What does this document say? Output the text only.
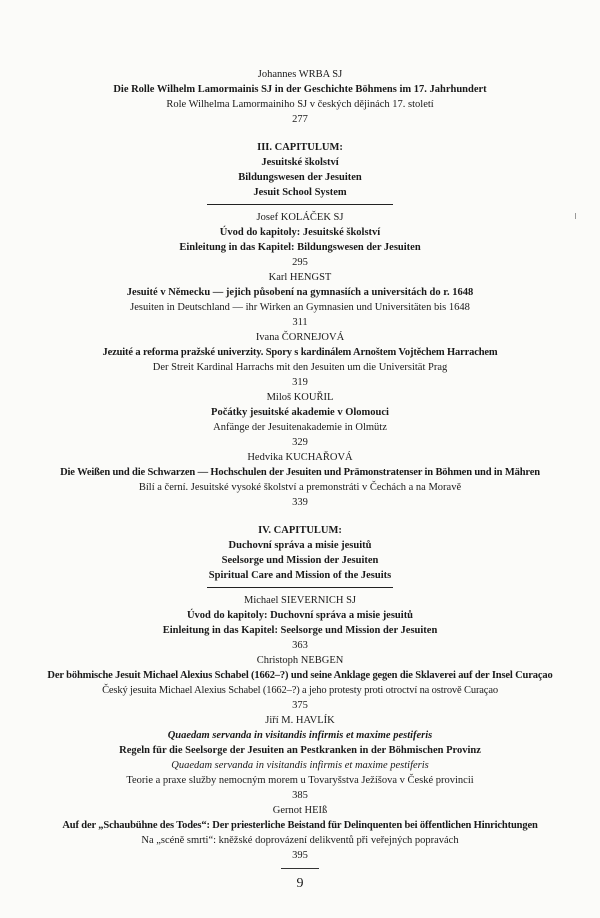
Johannes WRBA SJ
Die Rolle Wilhelm Lamormainis SJ in der Geschichte Böhmens im 17. Jahrhundert
Role Wilhelma Lamormainiho SJ v českých dějinách 17. století
277
III. CAPITULUM:
Jesuitské školství
Bildungswesen der Jesuiten
Jesuit School System
Josef KOLÁČEK SJ
Úvod do kapitoly: Jesuitské školství
Einleitung in das Kapitel: Bildungswesen der Jesuiten
295
Karl HENGST
Jesuité v Německu — jejich působení na gymnasiích a universitách do r. 1648
Jesuiten in Deutschland — ihr Wirken an Gymnasien und Universitäten bis 1648
311
Ivana ČORNEJOVÁ
Jezuité a reforma pražské univerzity. Spory s kardinálem Arnoštem Vojtěchem Harrachem
Der Streit Kardinal Harrachs mit den Jesuiten um die Universität Prag
319
Miloš KOUŘIL
Počátky jesuitské akademie v Olomouci
Anfänge der Jesuitenakademie in Olmütz
329
Hedvika KUCHAŘOVÁ
Die Weißen und die Schwarzen — Hochschulen der Jesuiten und Prämonstratenser in Böhmen und in Mähren
Bílí a černí. Jesuitské vysoké školství a premonstráti v Čechách a na Moravě
339
IV. CAPITULUM:
Duchovní správa a misie jesuitů
Seelsorge und Mission der Jesuiten
Spiritual Care and Mission of the Jesuits
Michael SIEVERNICH SJ
Úvod do kapitoly: Duchovní správa a misie jesuitů
Einleitung in das Kapitel: Seelsorge und Mission der Jesuiten
363
Christoph NEBGEN
Der böhmische Jesuit Michael Alexius Schabel (1662–?) und seine Anklage gegen die Sklaverei auf der Insel Curaçao
Český jesuita Michael Alexius Schabel (1662–?) a jeho protesty proti otroctví na ostrově Curaçao
375
Jiří M. HAVLÍK
Quaedam servanda in visitandis infirmis et maxime pestiferis
Regeln für die Seelsorge der Jesuiten an Pestkranken in der Böhmischen Provinz
Quaedam servanda in visitandis infirmis et maxime pestiferis
Teorie a praxe služby nemocným morem u Tovaryšstva Ježíšova v České provincii
385
Gernot HEIß
Auf der „Schaubühne des Todes“: Der priesterliche Beistand für Delinquenten bei öffentlichen Hinrichtungen
Na „scéně smrti“: kněžské doprovázení delikventů při veřejných popravách
395
9
